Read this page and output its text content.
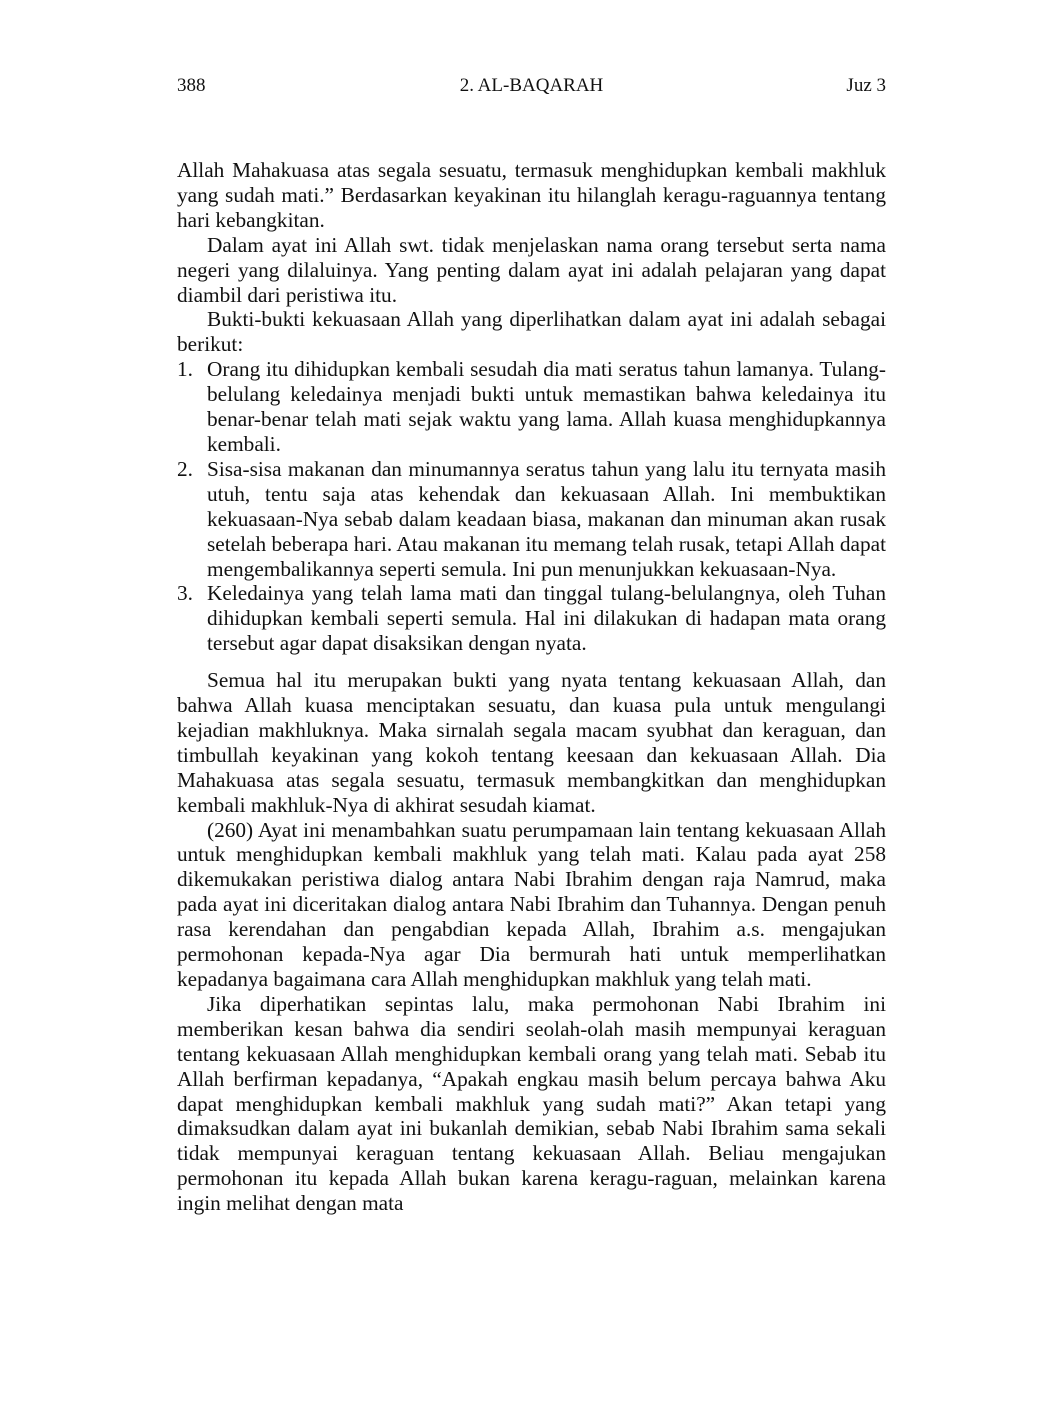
388	2. AL-BAQARAH	Juz 3

Allah Mahakuasa atas segala sesuatu, termasuk menghidupkan kembali makhluk yang sudah mati.” Berdasarkan keyakinan itu hilanglah keragu-raguannya tentang hari kebangkitan.

Dalam ayat ini Allah swt. tidak menjelaskan nama orang tersebut serta nama negeri yang dilaluinya. Yang penting dalam ayat ini adalah pelajaran yang dapat diambil dari peristiwa itu.

Bukti-bukti kekuasaan Allah yang diperlihatkan dalam ayat ini adalah sebagai berikut:

1. Orang itu dihidupkan kembali sesudah dia mati seratus tahun lamanya. Tulang-belulang keledainya menjadi bukti untuk memastikan bahwa keledainya itu benar-benar telah mati sejak waktu yang lama. Allah kuasa menghidupkannya kembali.
2. Sisa-sisa makanan dan minumannya seratus tahun yang lalu itu ternyata masih utuh, tentu saja atas kehendak dan kekuasaan Allah. Ini membuktikan kekuasaan-Nya sebab dalam keadaan biasa, makanan dan minuman akan rusak setelah beberapa hari. Atau makanan itu memang telah rusak, tetapi Allah dapat mengembalikannya seperti semula. Ini pun menunjukkan kekuasaan-Nya.
3. Keledainya yang telah lama mati dan tinggal tulang-belulangnya, oleh Tuhan dihidupkan kembali seperti semula. Hal ini dilakukan di hadapan mata orang tersebut agar dapat disaksikan dengan nyata.

Semua hal itu merupakan bukti yang nyata tentang kekuasaan Allah, dan bahwa Allah kuasa menciptakan sesuatu, dan kuasa pula untuk mengulangi kejadian makhluknya. Maka sirnalah segala macam syubhat dan keraguan, dan timbullah keyakinan yang kokoh tentang keesaan dan kekuasaan Allah. Dia Mahakuasa atas segala sesuatu, termasuk membangkitkan dan menghidupkan kembali makhluk-Nya di akhirat sesudah kiamat.

(260) Ayat ini menambahkan suatu perumpamaan lain tentang kekuasaan Allah untuk menghidupkan kembali makhluk yang telah mati. Kalau pada ayat 258 dikemukakan peristiwa dialog antara Nabi Ibrahim dengan raja Namrud, maka pada ayat ini diceritakan dialog antara Nabi Ibrahim dan Tuhannya. Dengan penuh rasa kerendahan dan pengabdian kepada Allah, Ibrahim a.s. mengajukan permohonan kepada-Nya agar Dia bermurah hati untuk memperlihatkan kepadanya bagaimana cara Allah menghidupkan makhluk yang telah mati.

Jika diperhatikan sepintas lalu, maka permohonan Nabi Ibrahim ini memberikan kesan bahwa dia sendiri seolah-olah masih mempunyai keraguan tentang kekuasaan Allah menghidupkan kembali orang yang telah mati. Sebab itu Allah berfirman kepadanya, “Apakah engkau masih belum percaya bahwa Aku dapat menghidupkan kembali makhluk yang sudah mati?” Akan tetapi yang dimaksudkan dalam ayat ini bukanlah demikian, sebab Nabi Ibrahim sama sekali tidak mempunyai keraguan tentang kekuasaan Allah. Beliau mengajukan permohonan itu kepada Allah bukan karena keragu-raguan, melainkan karena ingin melihat dengan mata
